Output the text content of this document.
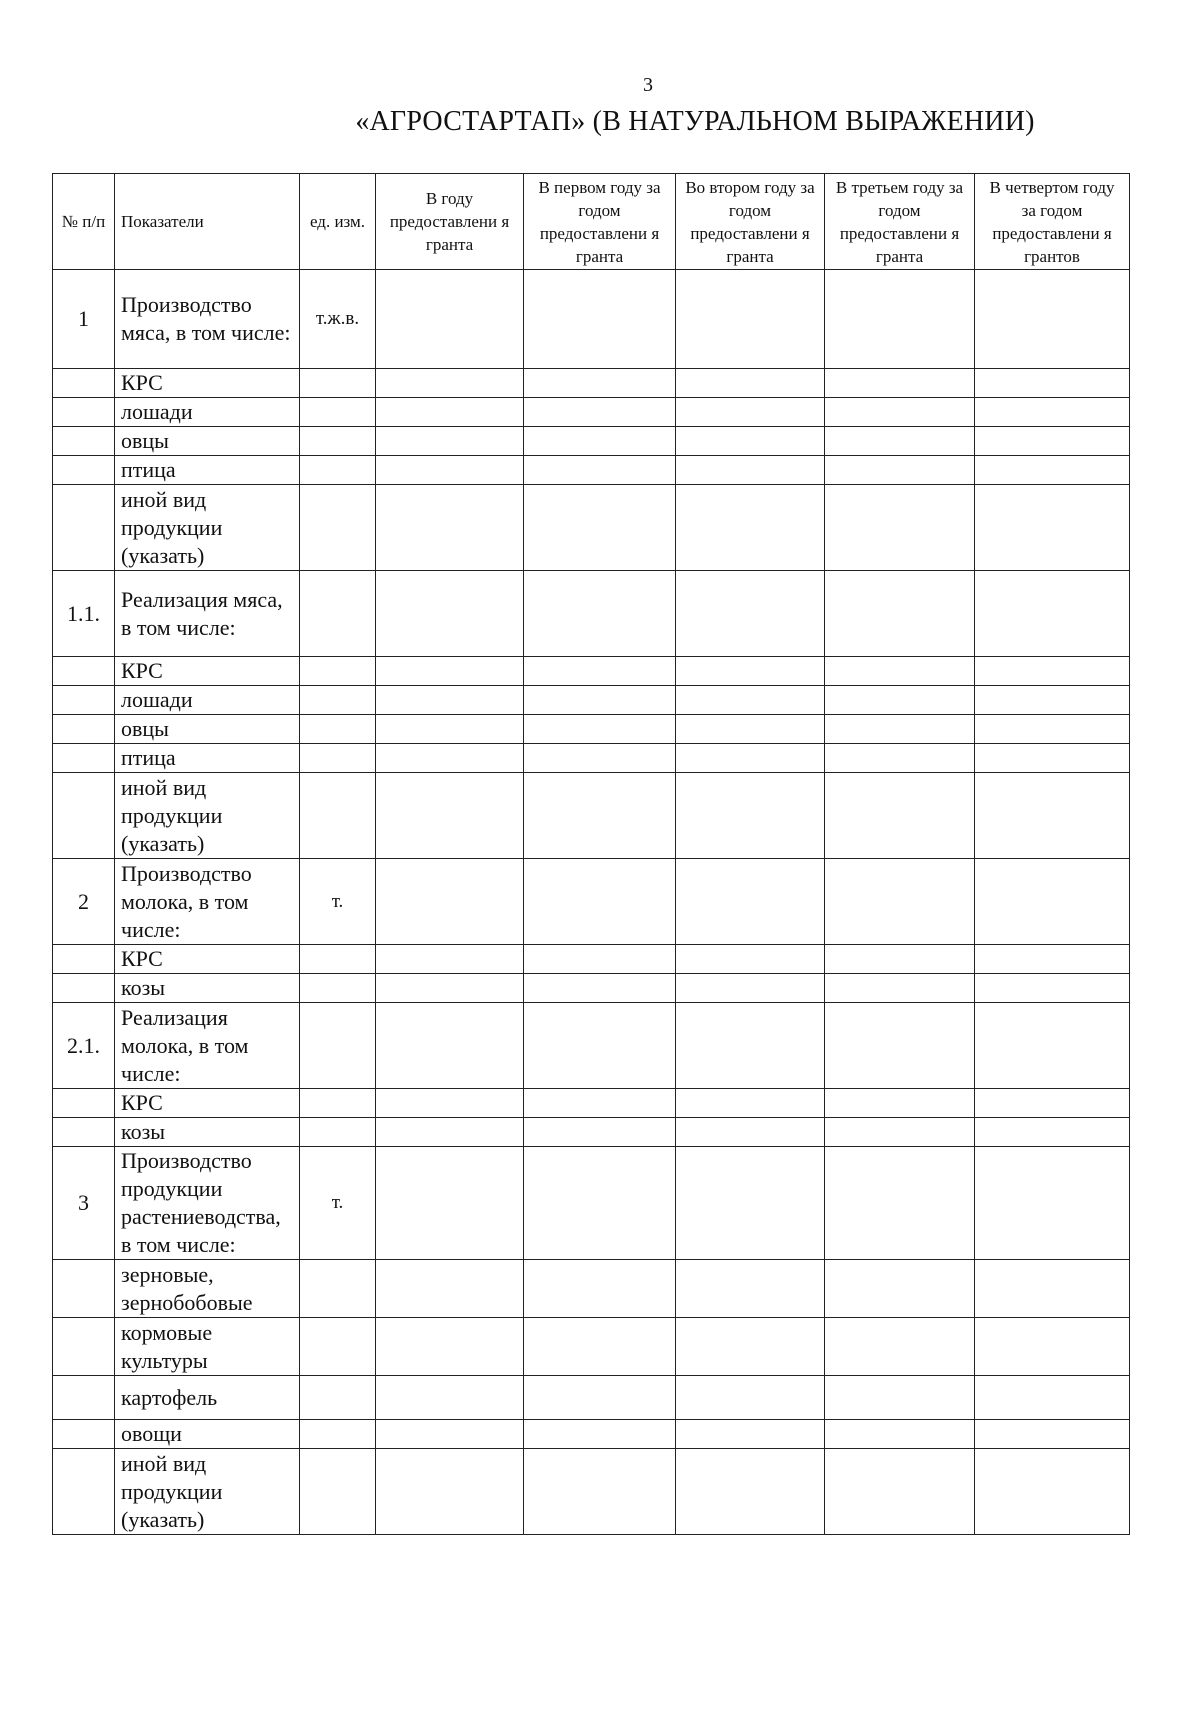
3
«АГРОСТАРТАП» (В НАТУРАЛЬНОМ ВЫРАЖЕНИИ)
№ п/п	Показатели	ед. изм.	В году предоставлени я гранта	В первом году за годом предоставлени я гранта	Во втором году за годом предоставлени я гранта	В третьем году за годом предоставлени я гранта	В четвертом году за годом предоставлени я грантов
1	Производство мяса, в том числе:	т.ж.в.					
	КРС						
	лошади						
	овцы						
	птица						
	иной вид продукции (указать)						
1.1.	Реализация мяса, в том числе:						
	КРС						
	лошади						
	овцы						
	птица						
	иной вид продукции (указать)						
2	Производство молока, в том числе:	т.					
	КРС						
	козы						
2.1.	Реализация молока, в том числе:						
	КРС						
	козы						
3	Производство продукции растениеводства, в том числе:	т.					
	зерновые, зернобобовые						
	кормовые культуры						
	картофель						
	овощи						
	иной вид продукции (указать)						
